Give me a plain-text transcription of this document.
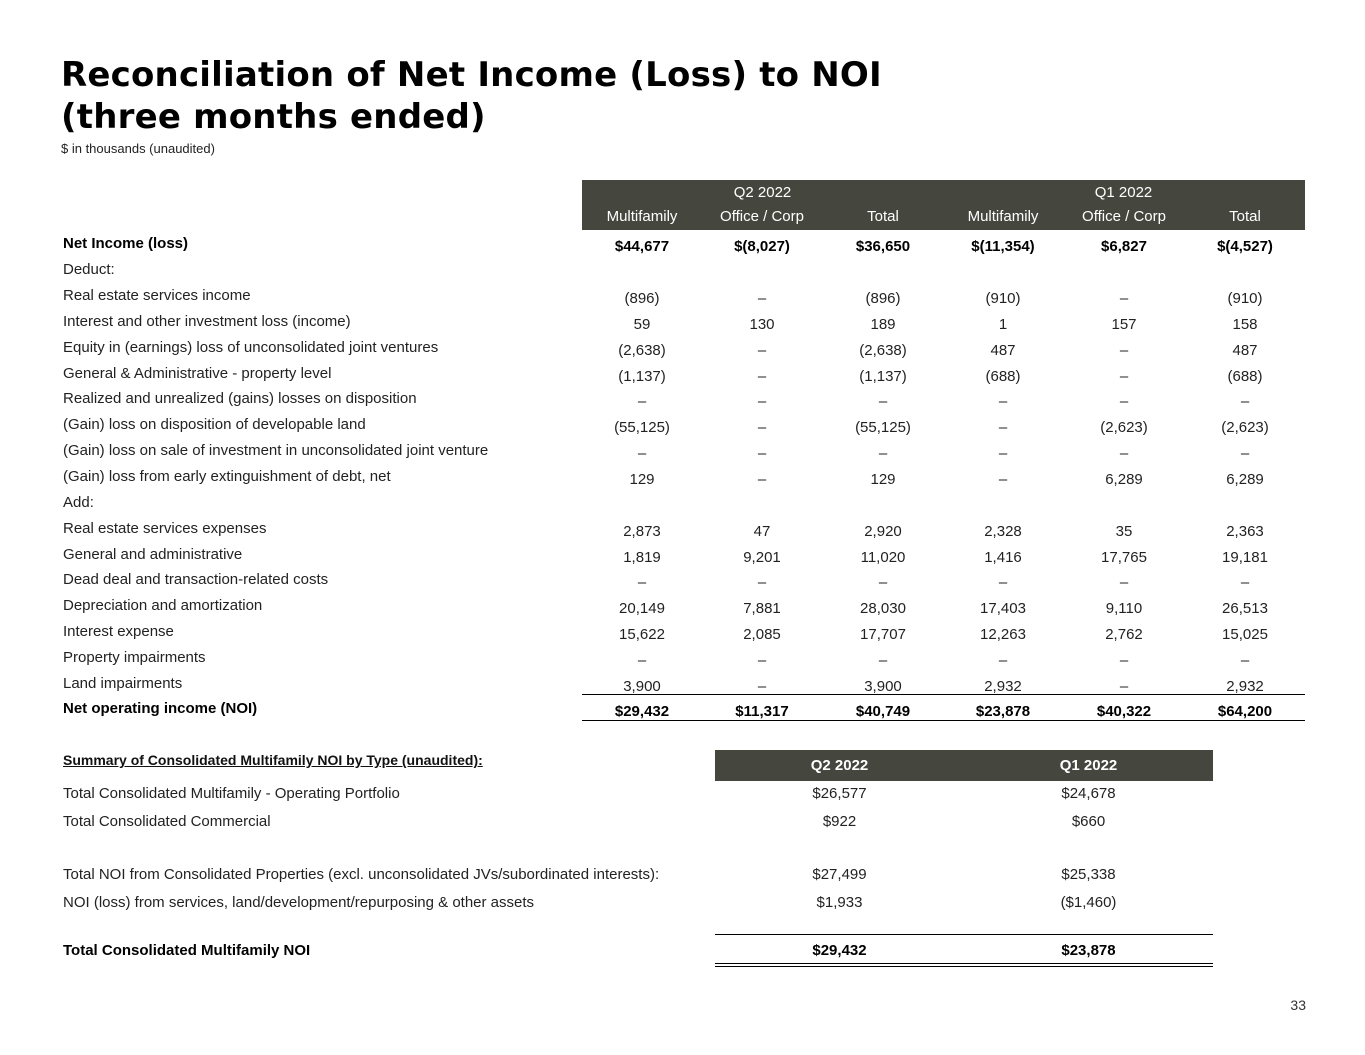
Reconciliation of Net Income (Loss) to NOI
(three months ended)
$ in thousands (unaudited)
Q2 2022	Q1 2022
Multifamily	Office / Corp	Total	Multifamily	Office / Corp	Total
Net Income (loss)	$44,677	$(8,027)	$36,650	$(11,354)	$6,827	$(4,527)
Deduct:
Real estate services income	(896)	–	(896)	(910)	–	(910)
Interest and other investment loss (income)	59	130	189	1	157	158
Equity in (earnings) loss of unconsolidated joint ventures	(2,638)	–	(2,638)	487	–	487
General & Administrative - property level	(1,137)	–	(1,137)	(688)	–	(688)
Realized and unrealized (gains) losses on disposition	–	–	–	–	–	–
(Gain) loss on disposition of developable land	(55,125)	–	(55,125)	–	(2,623)	(2,623)
(Gain) loss on sale of investment in unconsolidated joint venture	–	–	–	–	–	–
(Gain) loss from early extinguishment of debt, net	129	–	129	–	6,289	6,289
Add:
Real estate services expenses	2,873	47	2,920	2,328	35	2,363
General and administrative	1,819	9,201	11,020	1,416	17,765	19,181
Dead deal and transaction-related costs	–	–	–	–	–	–
Depreciation and amortization	20,149	7,881	28,030	17,403	9,110	26,513
Interest expense	15,622	2,085	17,707	12,263	2,762	15,025
Property impairments	–	–	–	–	–	–
Land impairments	3,900	–	3,900	2,932	–	2,932
Net operating income (NOI)	$29,432	$11,317	$40,749	$23,878	$40,322	$64,200
Summary of Consolidated Multifamily NOI by Type (unaudited):	Q2 2022	Q1 2022
Total Consolidated Multifamily - Operating Portfolio	$26,577	$24,678
Total Consolidated Commercial	$922	$660
Total NOI from Consolidated Properties (excl. unconsolidated JVs/subordinated interests):	$27,499	$25,338
NOI (loss) from services, land/development/repurposing & other assets	$1,933	($1,460)
Total Consolidated Multifamily NOI	$29,432	$23,878
33
